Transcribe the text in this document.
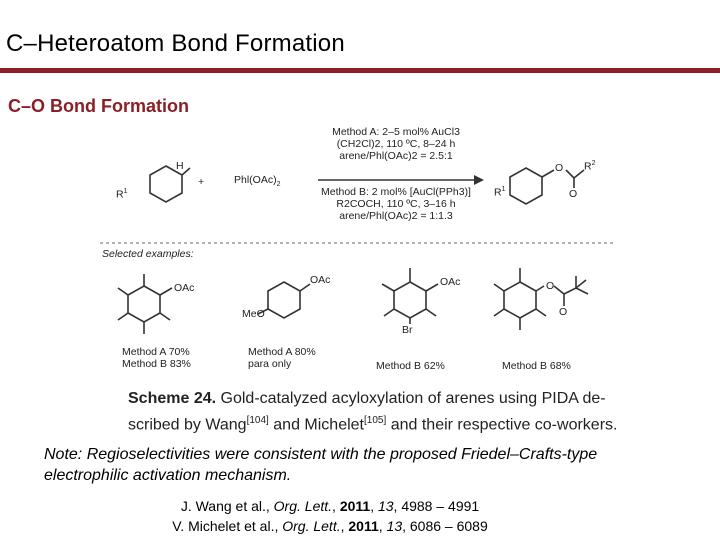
C–Heteroatom Bond Formation
C–O Bond Formation
H
$R^1$
+	$Phl(OAc)_2$
Method A: 2–5 mol% AuCl3
(CH2Cl)2, 110 ºC, 8–24 h
arene/Phl(OAc)2 = 2.5:1
Method B: 2 mol% [AuCl(PPh3)]
R2COCH, 110 ºC, 3–16 h
arene/Phl(OAc)2 = 1:1.3
$R^1$
O $R^2$
O
Selected examples:
OAc
Method A 70%
Method B 83%
OAc
MeO
Method A 80%
para only
OAc
Br
Method B 62%
O
O
Method B 68%
Scheme 24. Gold-catalyzed acyloxylation of arenes using PIDA de-
scribed by Wang[104] and Michelet[105] and their respective co-workers.
Note: Regioselectivities were consistent with the proposed Friedel–Crafts-type
electrophilic activation mechanism.
J. Wang et al., Org. Lett., 2011, 13, 4988 – 4991
V. Michelet et al., Org. Lett., 2011, 13, 6086 – 6089
